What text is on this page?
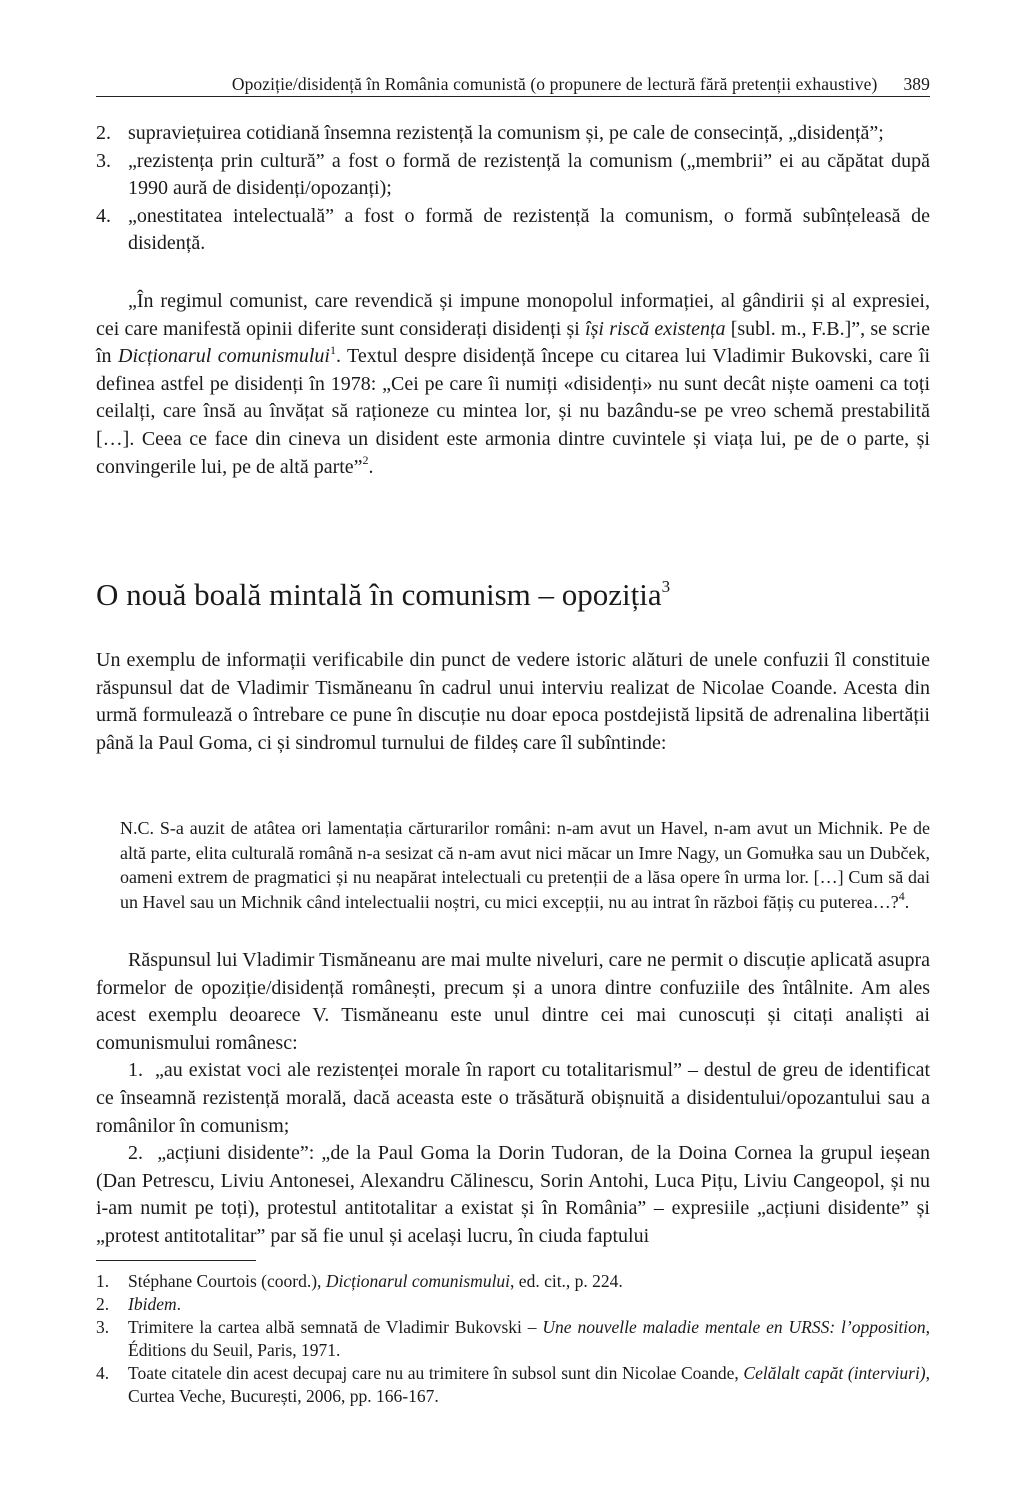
Opoziție/disidență în România comunistă (o propunere de lectură fără pretenții exhaustive) 389
2. supraviețuirea cotidiană însemna rezistență la comunism și, pe cale de consecință, „disidență”;
3. „rezistența prin cultură” a fost o formă de rezistență la comunism („membrii” ei au căpătat după 1990 aură de disidenți/opozanți);
4. „onestitatea intelectuală” a fost o formă de rezistență la comunism, o formă subînțeleasă de disidență.

„În regimul comunist, care revendică și impune monopolul informației, al gândirii și al expresiei, cei care manifestă opinii diferite sunt considerați disidenți și își riscă existența [subl. m., F.B.]”, se scrie în Dicționarul comunismului$^1$. Textul despre disidență începe cu citarea lui Vladimir Bukovski, care îi definea astfel pe disidenți în 1978: „Cei pe care îi numiți «disidenți» nu sunt decât niște oameni ca toți ceilalți, care însă au învățat să raționeze cu mintea lor, și nu bazându-se pe vreo schemă prestabilită […]. Ceea ce face din cineva un disident este armonia dintre cuvintele și viața lui, pe de o parte, și convingerile lui, pe de altă parte”$^2$.

O nouă boală mintală în comunism – opoziția$^3$

Un exemplu de informații verificabile din punct de vedere istoric alături de unele confuzii îl constituie răspunsul dat de Vladimir Tismăneanu în cadrul unui interviu realizat de Nicolae Coande. Acesta din urmă formulează o întrebare ce pune în discuție nu doar epoca postdejistă lipsită de adrenalina libertății până la Paul Goma, ci și sindromul turnului de fildeș care îl subîntinde:

N.C. S-a auzit de atâtea ori lamentația cărturarilor români: n-am avut un Havel, n-am avut un Michnik. Pe de altă parte, elita culturală română n-a sesizat că n-am avut nici măcar un Imre Nagy, un Gomułka sau un Dubček, oameni extrem de pragmatici și nu neapărat intelectuali cu pretenții de a lăsa opere în urma lor. […] Cum să dai un Havel sau un Michnik când intelectualii noștri, cu mici excepții, nu au intrat în război fățiș cu puterea…?$^4$.

Răspunsul lui Vladimir Tismăneanu are mai multe niveluri, care ne permit o discuție aplicată asupra formelor de opoziție/disidență românești, precum și a unora dintre confuziile des întâlnite. Am ales acest exemplu deoarece V. Tismăneanu este unul dintre cei mai cunoscuți și citați analiști ai comunismului românesc:

1. „au existat voci ale rezistenței morale în raport cu totalitarismul” – destul de greu de identificat ce înseamnă rezistență morală, dacă aceasta este o trăsătură obișnuită a disidentului/opozantului sau a românilor în comunism;

2. „acțiuni disidente”: „de la Paul Goma la Dorin Tudoran, de la Doina Cornea la grupul ieșean (Dan Petrescu, Liviu Antonesei, Alexandru Călinescu, Sorin Antohi, Luca Pițu, Liviu Cangeopol, și nu i-am numit pe toți), protestul antitotalitar a existat și în România” – expresiile „acțiuni disidente” și „protest antitotalitar” par să fie unul și același lucru, în ciuda faptului

1. Stéphane Courtois (coord.), Dicționarul comunismului, ed. cit., p. 224.
2. Ibidem.
3. Trimitere la cartea albă semnată de Vladimir Bukovski – Une nouvelle maladie mentale en URSS: l’opposition, Éditions du Seuil, Paris, 1971.
4. Toate citatele din acest decupaj care nu au trimitere în subsol sunt din Nicolae Coande, Celălalt capăt (interviuri), Curtea Veche, București, 2006, pp. 166-167.
